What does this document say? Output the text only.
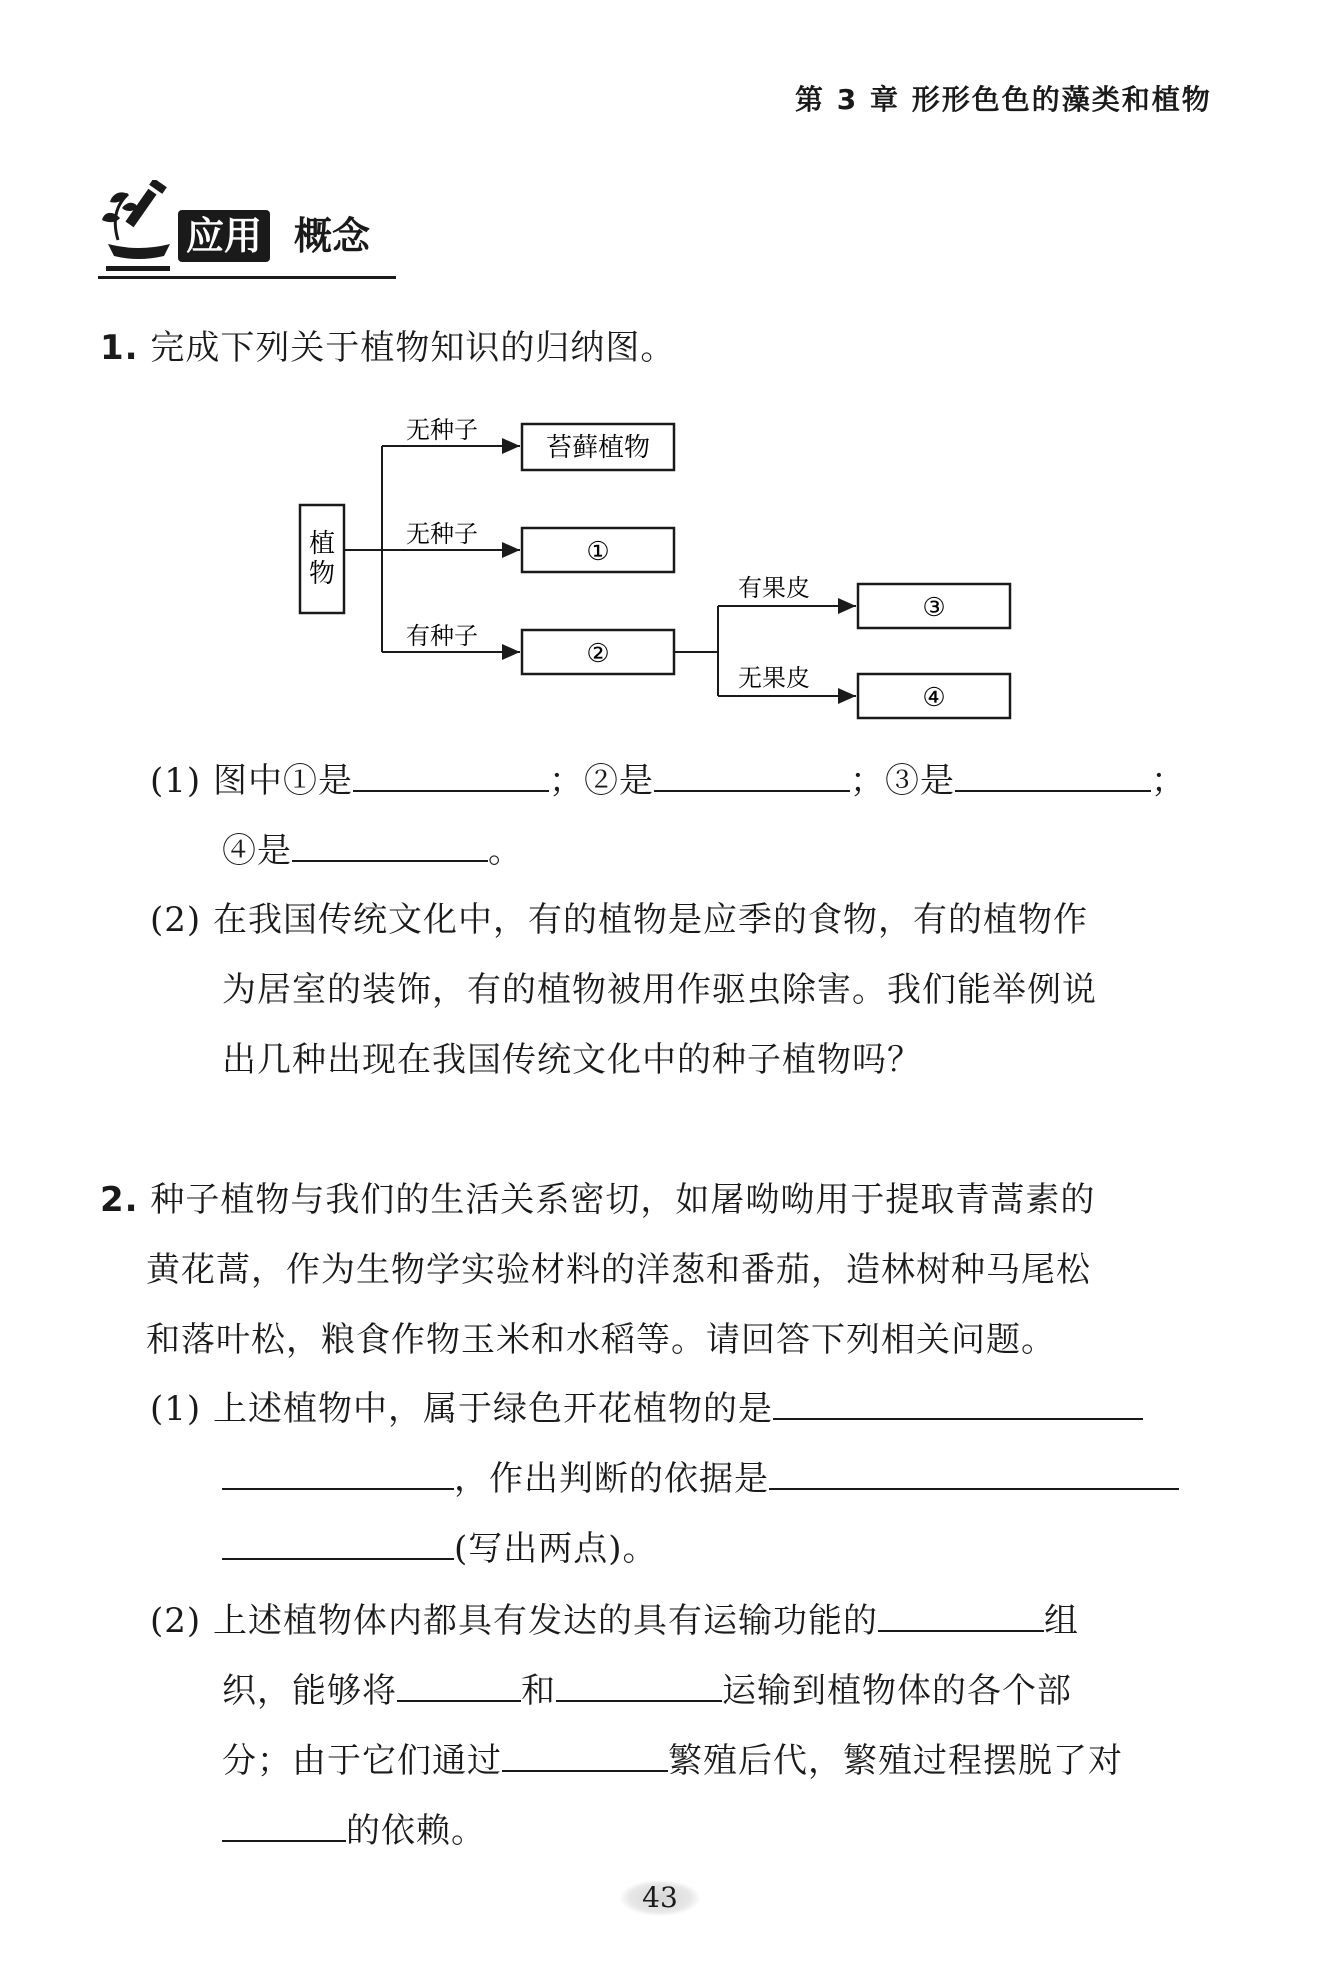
第 3 章 形形色色的藻类和植物
应用 概念
1. 完成下列关于植物知识的归纳图。
植
物
无种子
无种子
有种子
苔藓植物
①
②
有果皮
无果皮
③
④
(1) 图中①是	；②是	；③是	；
④是	。
(2) 在我国传统文化中，有的植物是应季的食物，有的植物作
为居室的装饰，有的植物被用作驱虫除害。我们能举例说
出几种出现在我国传统文化中的种子植物吗？
2. 种子植物与我们的生活关系密切，如屠呦呦用于提取青蒿素的
黄花蒿，作为生物学实验材料的洋葱和番茄，造林树种马尾松
和落叶松，粮食作物玉米和水稻等。请回答下列相关问题。
(1) 上述植物中，属于绿色开花植物的是
，作出判断的依据是
(写出两点)。
(2) 上述植物体内都具有发达的具有运输功能的	组
织，能够将	和	运输到植物体的各个部
分；由于它们通过	繁殖后代，繁殖过程摆脱了对
的依赖。
43
